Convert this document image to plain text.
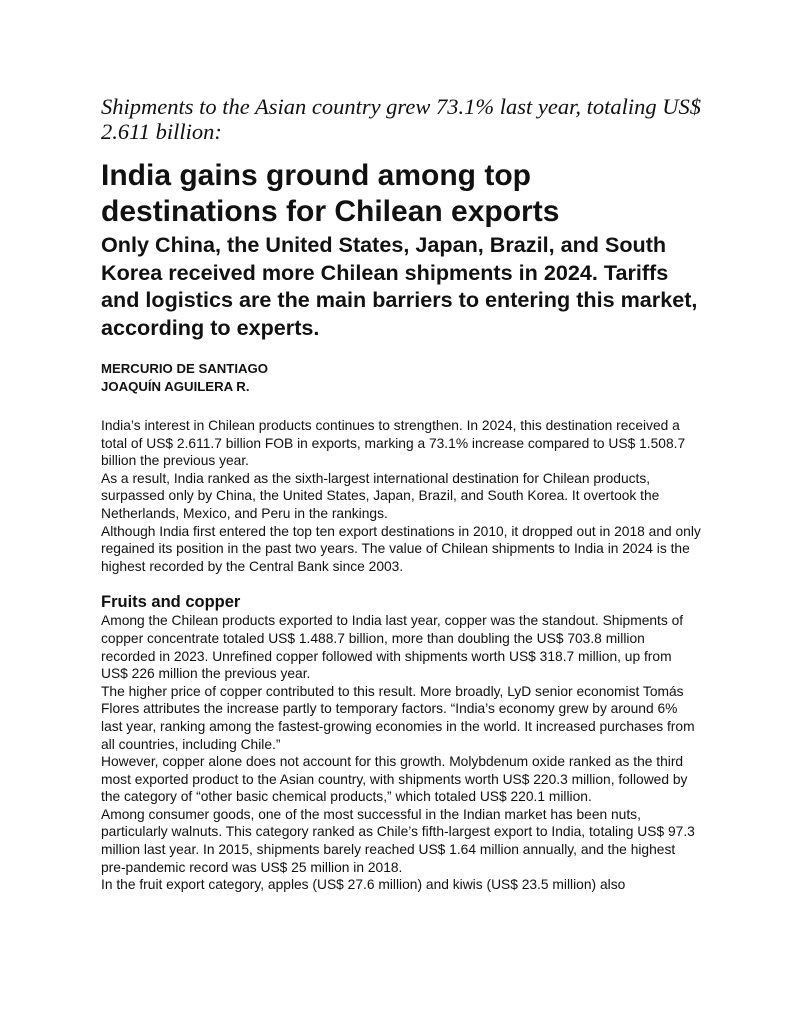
Shipments to the Asian country grew 73.1% last year, totaling US$ 2.611 billion:

India gains ground among top destinations for Chilean exports
Only China, the United States, Japan, Brazil, and South Korea received more Chilean shipments in 2024. Tariffs and logistics are the main barriers to entering this market, according to experts.
MERCURIO DE SANTIAGO
JOAQUÍN AGUILERA R.

India’s interest in Chilean products continues to strengthen. In 2024, this destination received a total of US$ 2.611.7 billion FOB in exports, marking a 73.1% increase compared to US$ 1.508.7 billion the previous year.

As a result, India ranked as the sixth-largest international destination for Chilean products, surpassed only by China, the United States, Japan, Brazil, and South Korea. It overtook the Netherlands, Mexico, and Peru in the rankings.

Although India first entered the top ten export destinations in 2010, it dropped out in 2018 and only regained its position in the past two years. The value of Chilean shipments to India in 2024 is the highest recorded by the Central Bank since 2003.

Fruits and copper

Among the Chilean products exported to India last year, copper was the standout. Shipments of copper concentrate totaled US$ 1.488.7 billion, more than doubling the US$ 703.8 million recorded in 2023. Unrefined copper followed with shipments worth US$ 318.7 million, up from US$ 226 million the previous year.

The higher price of copper contributed to this result. More broadly, LyD senior economist Tomás Flores attributes the increase partly to temporary factors. “India’s economy grew by around 6% last year, ranking among the fastest-growing economies in the world. It increased purchases from all countries, including Chile.”

However, copper alone does not account for this growth. Molybdenum oxide ranked as the third most exported product to the Asian country, with shipments worth US$ 220.3 million, followed by the category of “other basic chemical products,” which totaled US$ 220.1 million.

Among consumer goods, one of the most successful in the Indian market has been nuts, particularly walnuts. This category ranked as Chile’s fifth-largest export to India, totaling US$ 97.3 million last year. In 2015, shipments barely reached US$ 1.64 million annually, and the highest pre-pandemic record was US$ 25 million in 2018.

In the fruit export category, apples (US$ 27.6 million) and kiwis (US$ 23.5 million) also
